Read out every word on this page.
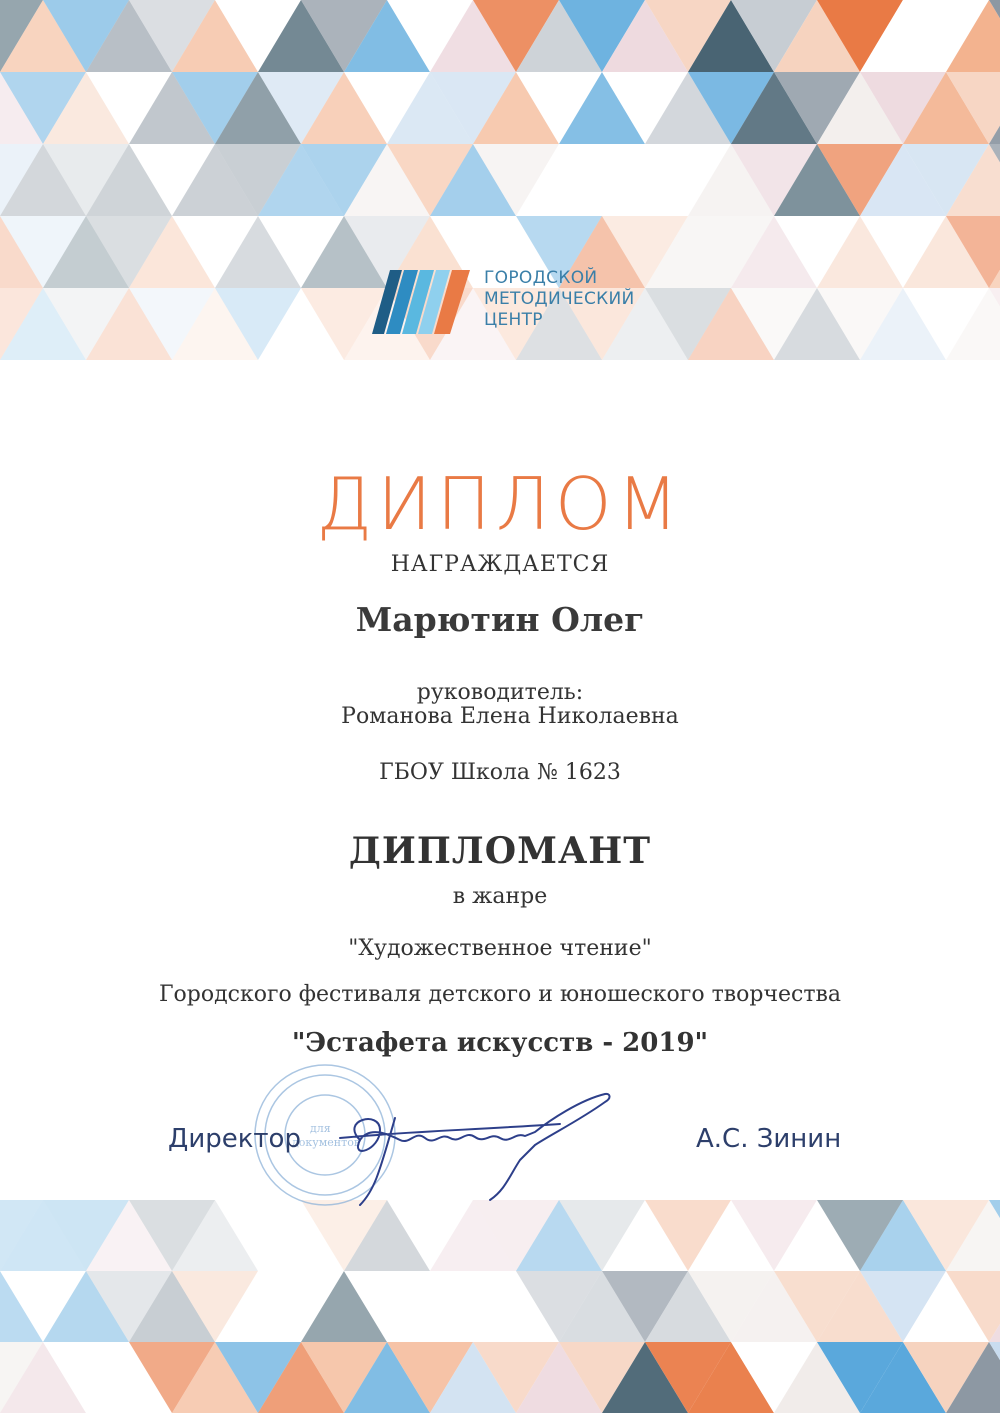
ГОРОДСКОЙ
МЕТОДИЧЕСКИЙ
ЦЕНТР
ДИПЛОМ
НАГРАЖДАЕТСЯ
Марютин Олег
руководитель:
Романова Елена Николаевна
ГБОУ Школа № 1623
ДИПЛОМАНТ
в жанре
"Художественное чтение"
Городского фестиваля детского и юношеского творчества
"Эстафета искусств - 2019"
для
документов
Директор	А.С. Зинин
